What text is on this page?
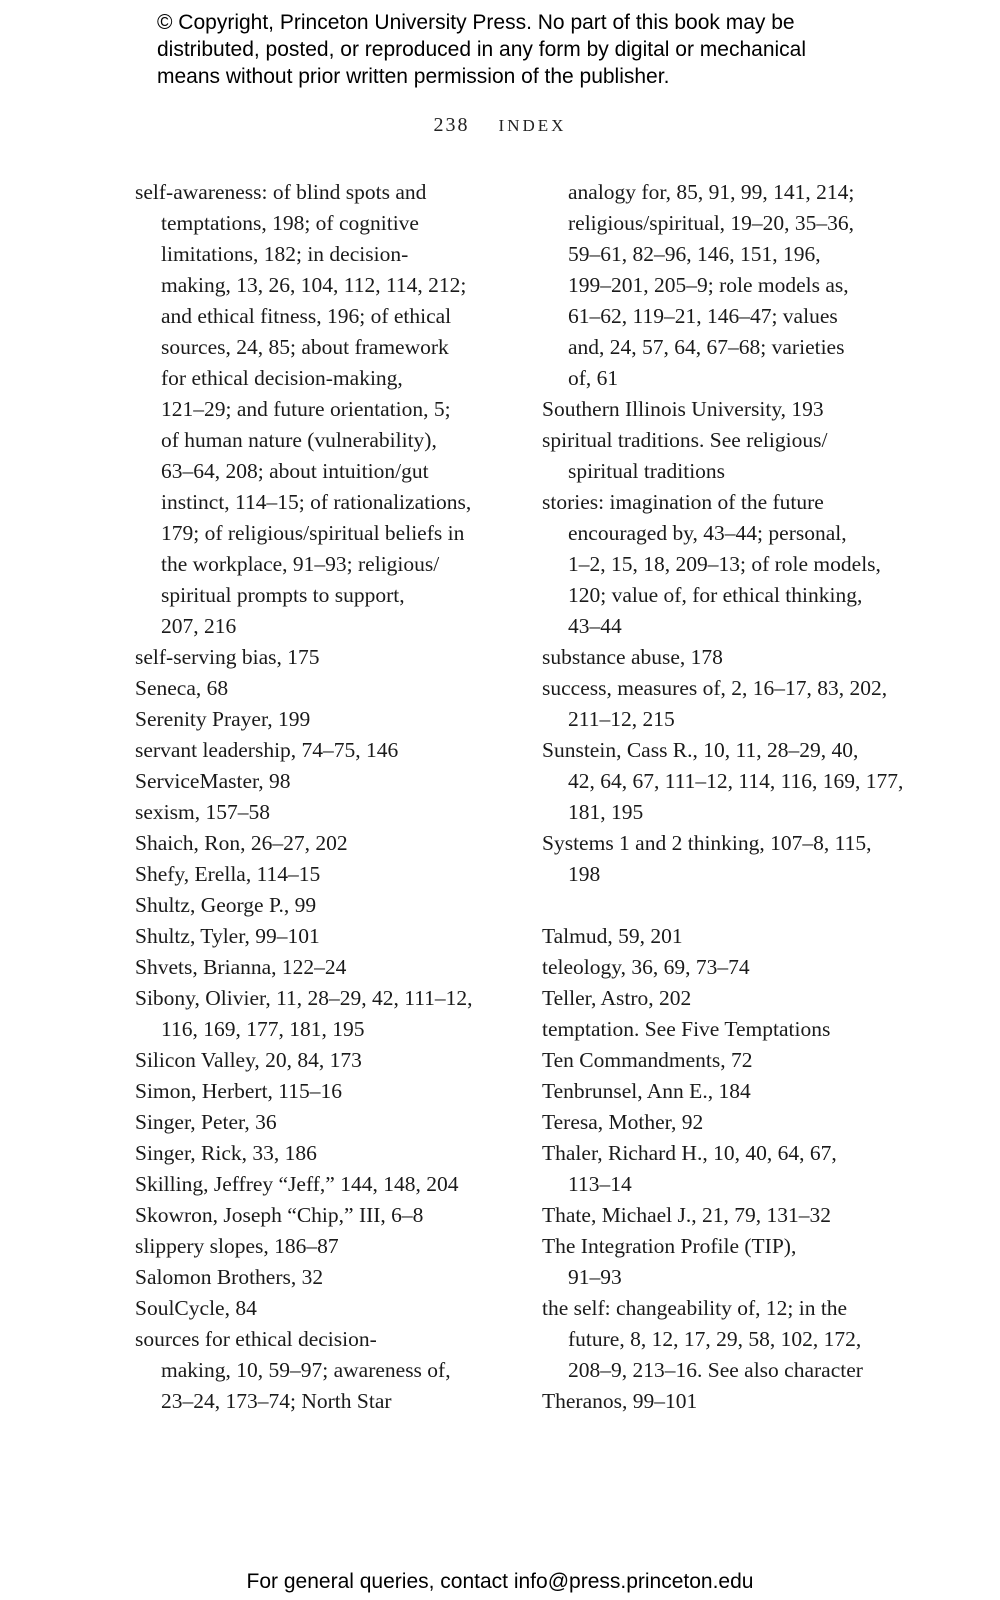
© Copyright, Princeton University Press. No part of this book may be
distributed, posted, or reproduced in any form by digital or mechanical
means without prior written permission of the publisher.
238 INDEX
self-awareness: of blind spots and
temptations, 198; of cognitive
limitations, 182; in decision-
making, 13, 26, 104, 112, 114, 212;
and ethical fitness, 196; of ethical
sources, 24, 85; about framework
for ethical decision-making,
121–29; and future orientation, 5;
of human nature (vulnerability),
63–64, 208; about intuition/gut
instinct, 114–15; of rationalizations,
179; of religious/spiritual beliefs in
the workplace, 91–93; religious/
spiritual prompts to support,
207, 216
self-serving bias, 175
Seneca, 68
Serenity Prayer, 199
servant leadership, 74–75, 146
ServiceMaster, 98
sexism, 157–58
Shaich, Ron, 26–27, 202
Shefy, Erella, 114–15
Shultz, George P., 99
Shultz, Tyler, 99–101
Shvets, Brianna, 122–24
Sibony, Olivier, 11, 28–29, 42, 111–12,
116, 169, 177, 181, 195
Silicon Valley, 20, 84, 173
Simon, Herbert, 115–16
Singer, Peter, 36
Singer, Rick, 33, 186
Skilling, Jeffrey “Jeff,” 144, 148, 204
Skowron, Joseph “Chip,” III, 6–8
slippery slopes, 186–87
Salomon Brothers, 32
SoulCycle, 84
sources for ethical decision-
making, 10, 59–97; awareness of,
23–24, 173–74; North Star
analogy for, 85, 91, 99, 141, 214;
religious/spiritual, 19–20, 35–36,
59–61, 82–96, 146, 151, 196,
199–201, 205–9; role models as,
61–62, 119–21, 146–47; values
and, 24, 57, 64, 67–68; varieties
of, 61
Southern Illinois University, 193
spiritual traditions. See religious/
spiritual traditions
stories: imagination of the future
encouraged by, 43–44; personal,
1–2, 15, 18, 209–13; of role models,
120; value of, for ethical thinking,
43–44
substance abuse, 178
success, measures of, 2, 16–17, 83, 202,
211–12, 215
Sunstein, Cass R., 10, 11, 28–29, 40,
42, 64, 67, 111–12, 114, 116, 169, 177,
181, 195
Systems 1 and 2 thinking, 107–8, 115,
198
Talmud, 59, 201
teleology, 36, 69, 73–74
Teller, Astro, 202
temptation. See Five Temptations
Ten Commandments, 72
Tenbrunsel, Ann E., 184
Teresa, Mother, 92
Thaler, Richard H., 10, 40, 64, 67,
113–14
Thate, Michael J., 21, 79, 131–32
The Integration Profile (TIP),
91–93
the self: changeability of, 12; in the
future, 8, 12, 17, 29, 58, 102, 172,
208–9, 213–16. See also character
Theranos, 99–101
For general queries, contact info@press.princeton.edu
